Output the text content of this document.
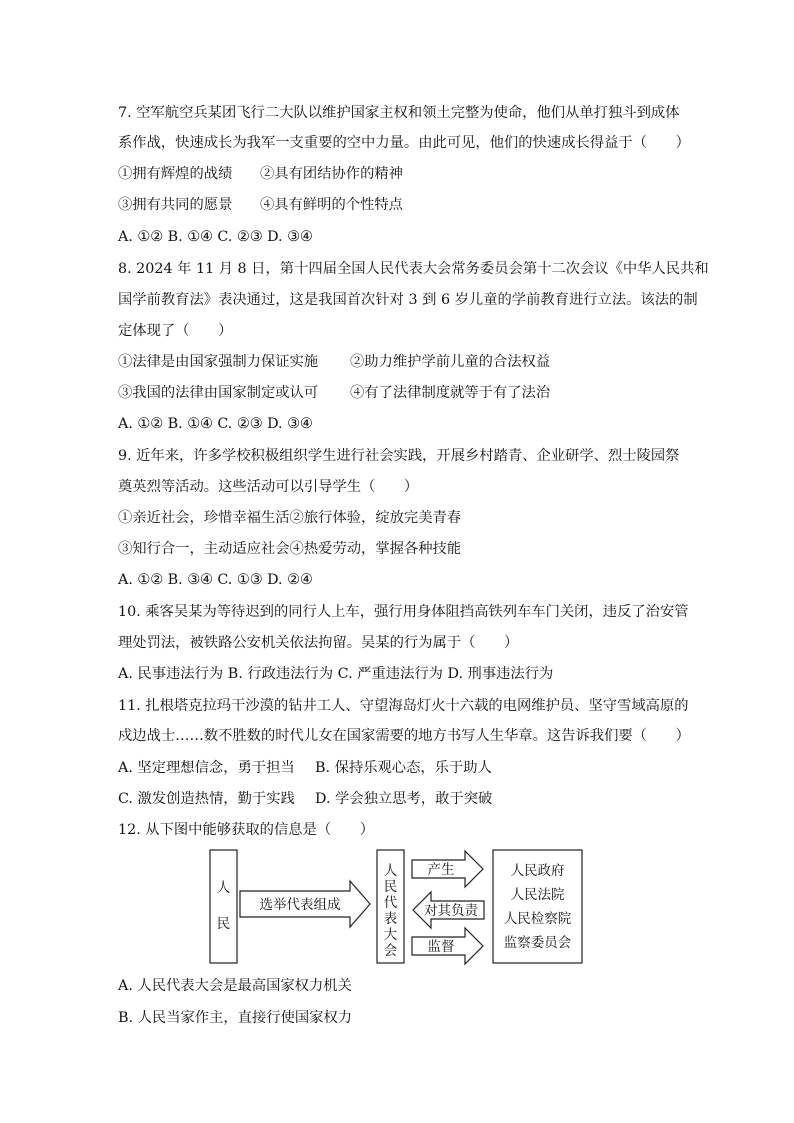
7. 空军航空兵某团飞行二大队以维护国家主权和领土完整为使命，他们从单打独斗到成体
系作战，快速成长为我军一支重要的空中力量。由此可见，他们的快速成长得益于（　　）
①拥有辉煌的战绩 ②具有团结协作的精神
③拥有共同的愿景 ④具有鲜明的个性特点
A. ①② B. ①④ C. ②③ D. ③④
8. 2024 年 11 月 8 日，第十四届全国人民代表大会常务委员会第十二次会议《中华人民共和
国学前教育法》表决通过，这是我国首次针对 3 到 6 岁儿童的学前教育进行立法。该法的制
定体现了（　　）
①法律是由国家强制力保证实施 ②助力维护学前儿童的合法权益
③我国的法律由国家制定或认可 ④有了法律制度就等于有了法治
A. ①② B. ①④ C. ②③ D. ③④
9. 近年来，许多学校积极组织学生进行社会实践，开展乡村踏青、企业研学、烈士陵园祭
奠英烈等活动。这些活动可以引导学生（　　）
①亲近社会，珍惜幸福生活②旅行体验，绽放完美青春
③知行合一，主动适应社会④热爱劳动，掌握各种技能
A. ①② B. ③④ C. ①③ D. ②④
10. 乘客吴某为等待迟到的同行人上车，强行用身体阻挡高铁列车车门关闭，违反了治安管
理处罚法，被铁路公安机关依法拘留。吴某的行为属于（　　）
A. 民事违法行为 B. 行政违法行为 C. 严重违法行为 D. 刑事违法行为
11. 扎根塔克拉玛干沙漠的钻井工人、守望海岛灯火十六载的电网维护员、坚守雪域高原的
戍边战士……数不胜数的时代儿女在国家需要的地方书写人生华章。这告诉我们要（　　）
A. 坚定理想信念，勇于担当 B. 保持乐观心态，乐于助人
C. 激发创造热情，勤于实践 D. 学会独立思考，敢于突破
12. 从下图中能够获取的信息是（　　）
人
民
选举代表组成
人
民
代
表
大
会
产生
对其负责
监督
人民政府
人民法院
人民检察院
监察委员会
A. 人民代表大会是最高国家权力机关
B. 人民当家作主，直接行使国家权力
